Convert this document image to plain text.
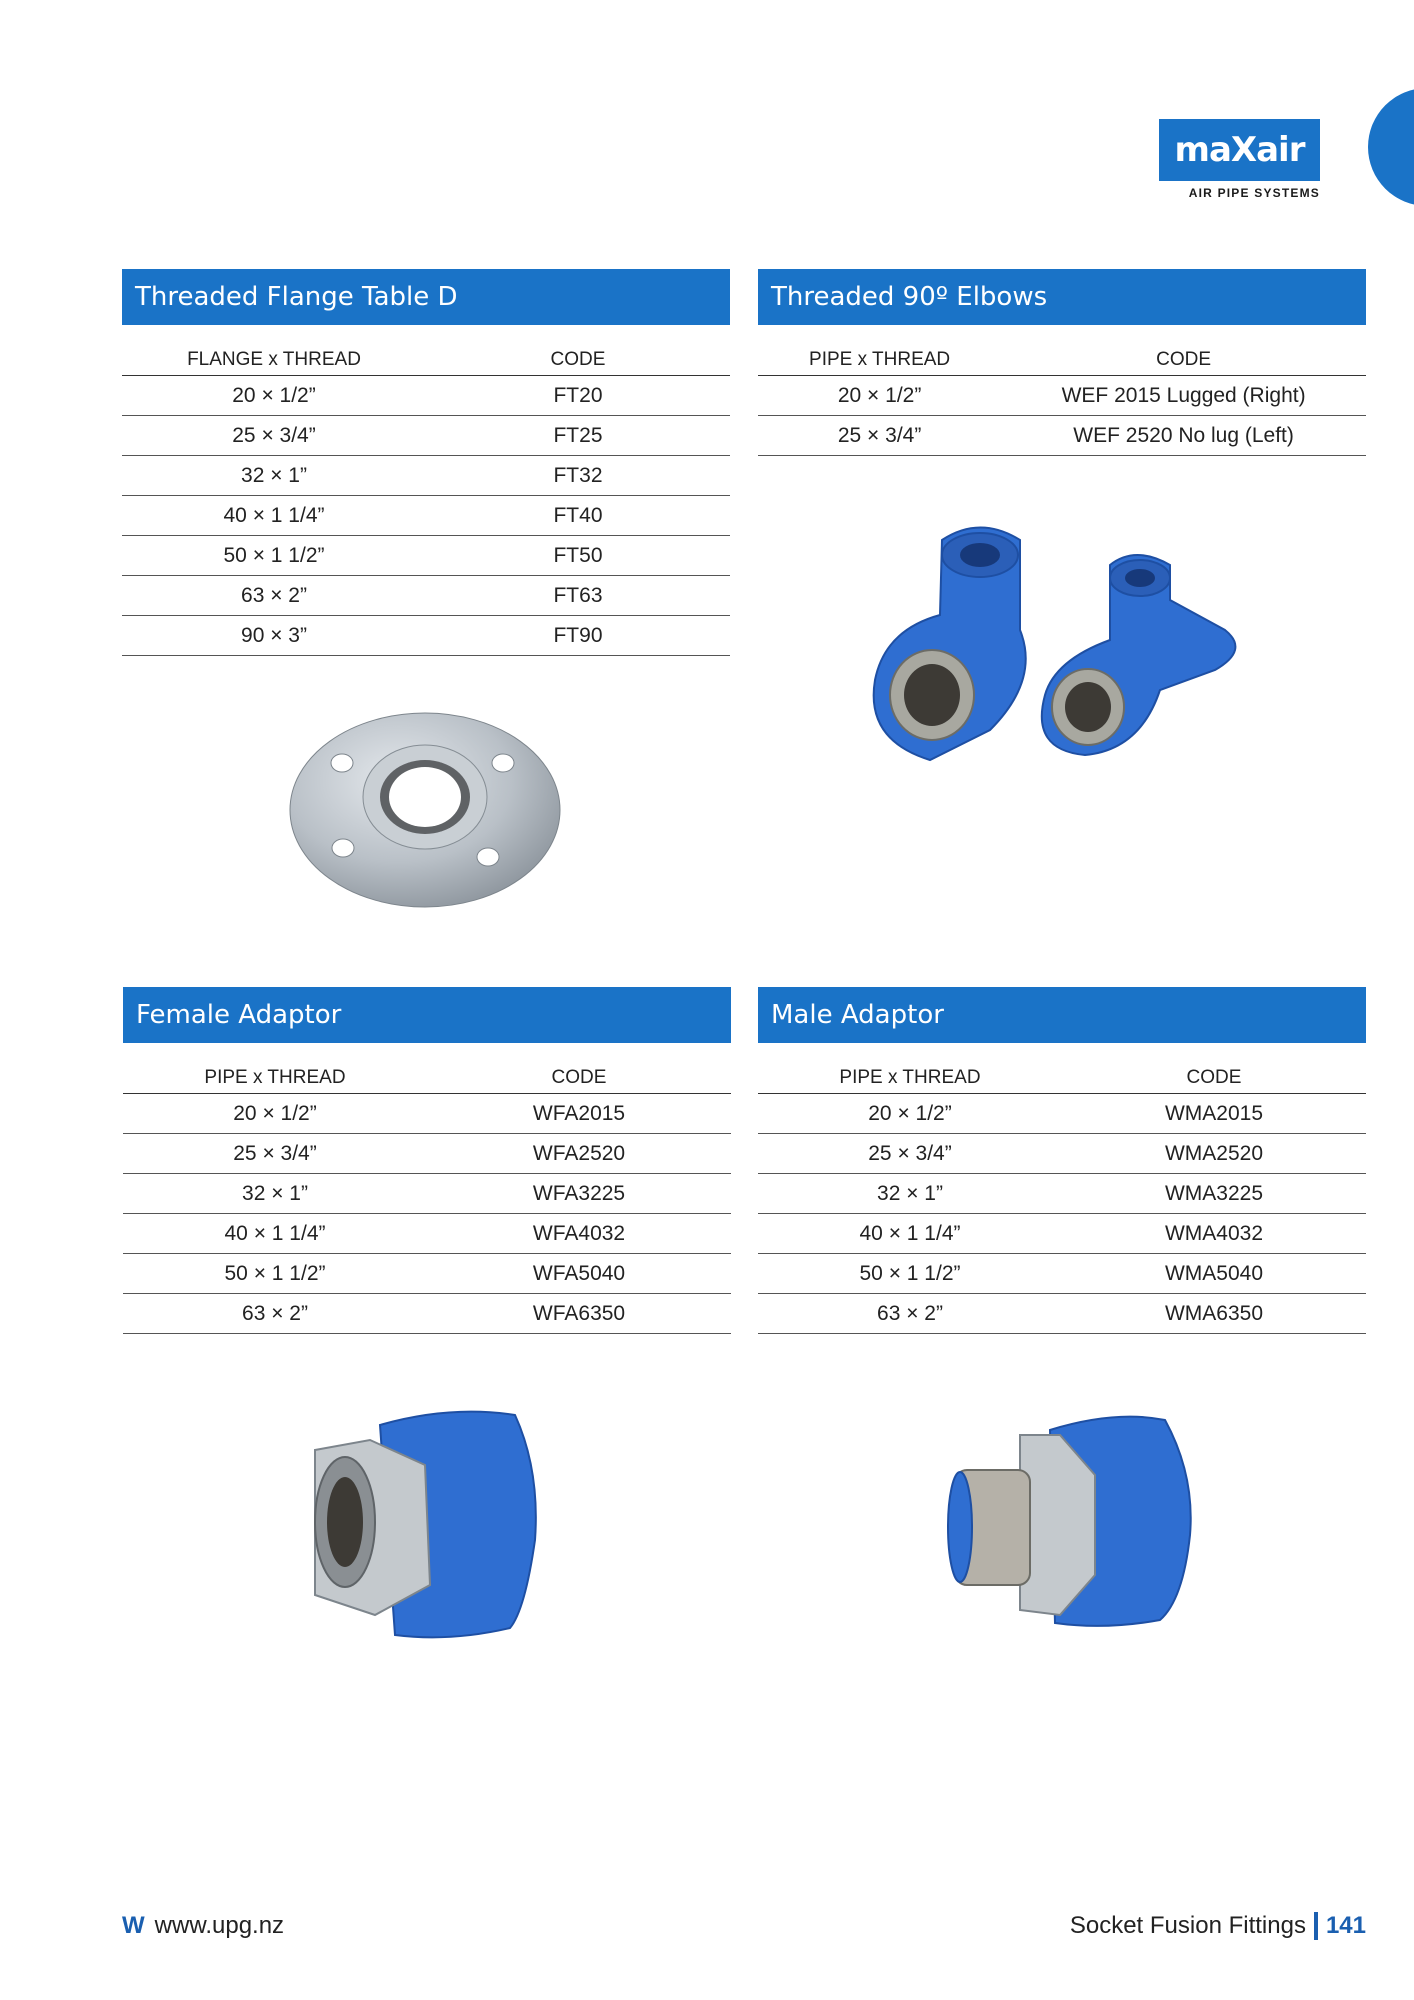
maXair
AIR PIPE SYSTEMS
Threaded Flange Table D
FLANGE x THREAD	CODE
20 × 1/2”	FT20
25 × 3/4”	FT25
32 × 1”	FT32
40 × 1 1/4”	FT40
50 × 1 1/2”	FT50
63 × 2”	FT63
90 × 3”	FT90
Threaded 90º Elbows
PIPE x THREAD	CODE
20 × 1/2”	WEF 2015 Lugged (Right)
25 × 3/4”	WEF 2520 No lug (Left)
Female Adaptor
PIPE x THREAD	CODE
20 × 1/2”	WFA2015
25 × 3/4”	WFA2520
32 × 1”	WFA3225
40 × 1 1/4”	WFA4032
50 × 1 1/2”	WFA5040
63 × 2”	WFA6350
Male Adaptor
PIPE x THREAD	CODE
20 × 1/2”	WMA2015
25 × 3/4”	WMA2520
32 × 1”	WMA3225
40 × 1 1/4”	WMA4032
50 × 1 1/2”	WMA5040
63 × 2”	WMA6350
W www.upg.nz	Socket Fusion Fittings 141
